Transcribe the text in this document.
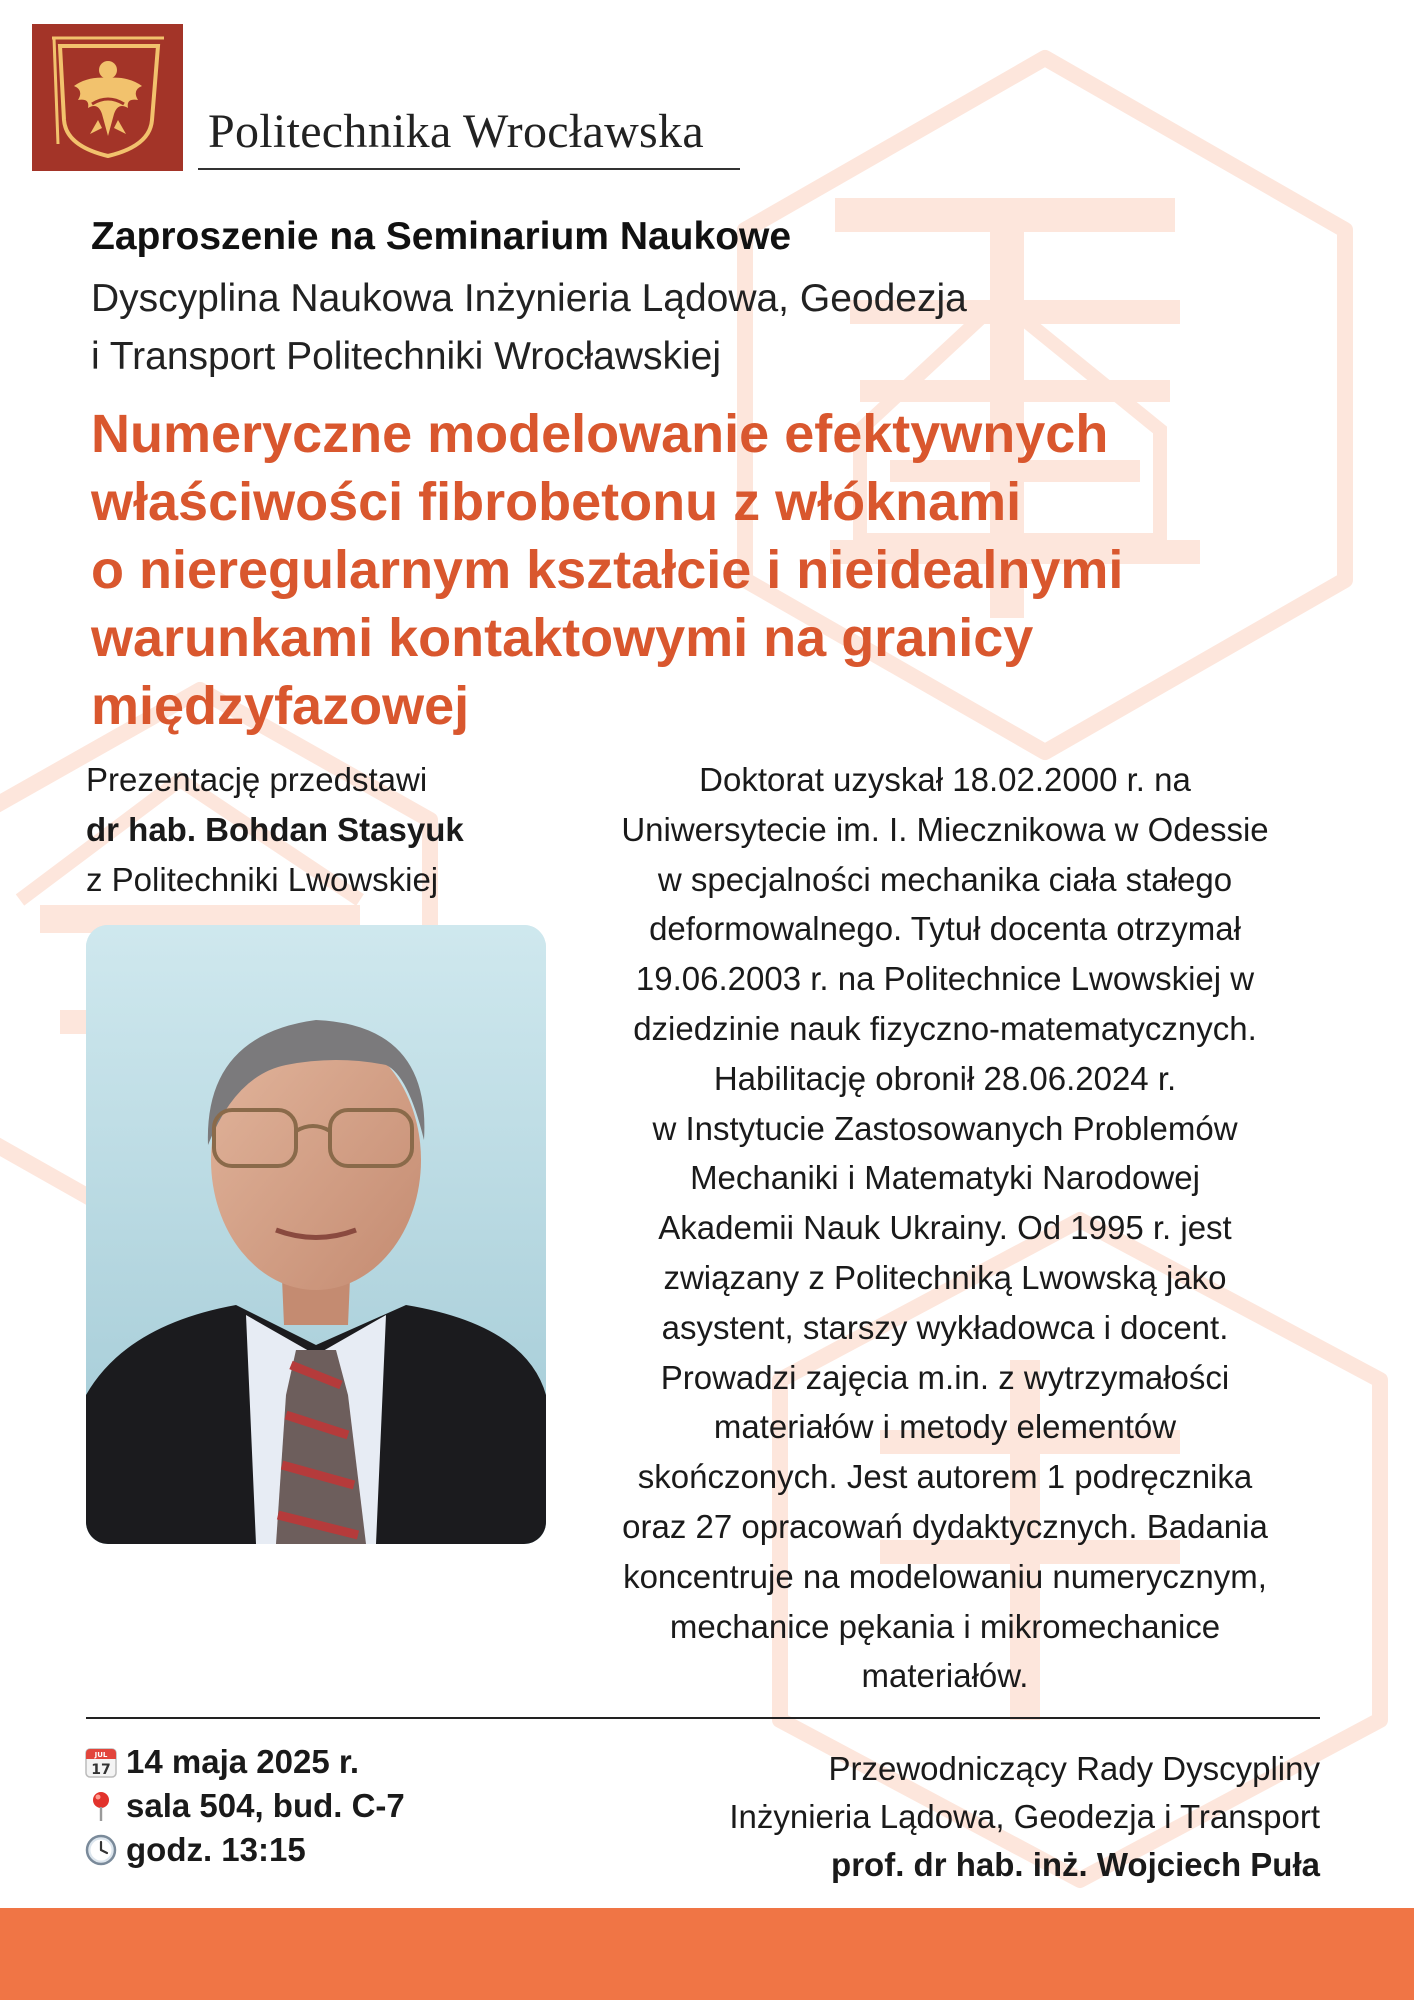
Politechnika Wrocławska
Zaproszenie na Seminarium Naukowe
Dyscyplina Naukowa Inżynieria Lądowa, Geodezja
i Transport Politechniki Wrocławskiej
Numeryczne modelowanie efektywnych
właściwości fibrobetonu z włóknami
o nieregularnym kształcie i nieidealnymi
warunkami kontaktowymi na granicy
międzyfazowej
Prezentację przedstawi
dr hab. Bohdan Stasyuk
z Politechniki Lwowskiej
Doktorat uzyskał 18.02.2000 r. na
Uniwersytecie im. I. Miecznikowa w Odessie
w specjalności mechanika ciała stałego
deformowalnego. Tytuł docenta otrzymał
19.06.2003 r. na Politechnice Lwowskiej w
dziedzinie nauk fizyczno-matematycznych.
Habilitację obronił 28.06.2024 r.
w Instytucie Zastosowanych Problemów
Mechaniki i Matematyki Narodowej
Akademii Nauk Ukrainy. Od 1995 r. jest
związany z Politechniką Lwowską jako
asystent, starszy wykładowca i docent.
Prowadzi zajęcia m.in. z wytrzymałości
materiałów i metody elementów
skończonych. Jest autorem 1 podręcznika
oraz 27 opracowań dydaktycznych. Badania
koncentruje na modelowaniu numerycznym,
mechanice pękania i mikromechanice
materiałów.
JUL
17 14 maja 2025 r.
sala 504, bud. C-7
godz. 13:15
Przewodniczący Rady Dyscypliny
Inżynieria Lądowa, Geodezja i Transport
prof. dr hab. inż. Wojciech Puła
